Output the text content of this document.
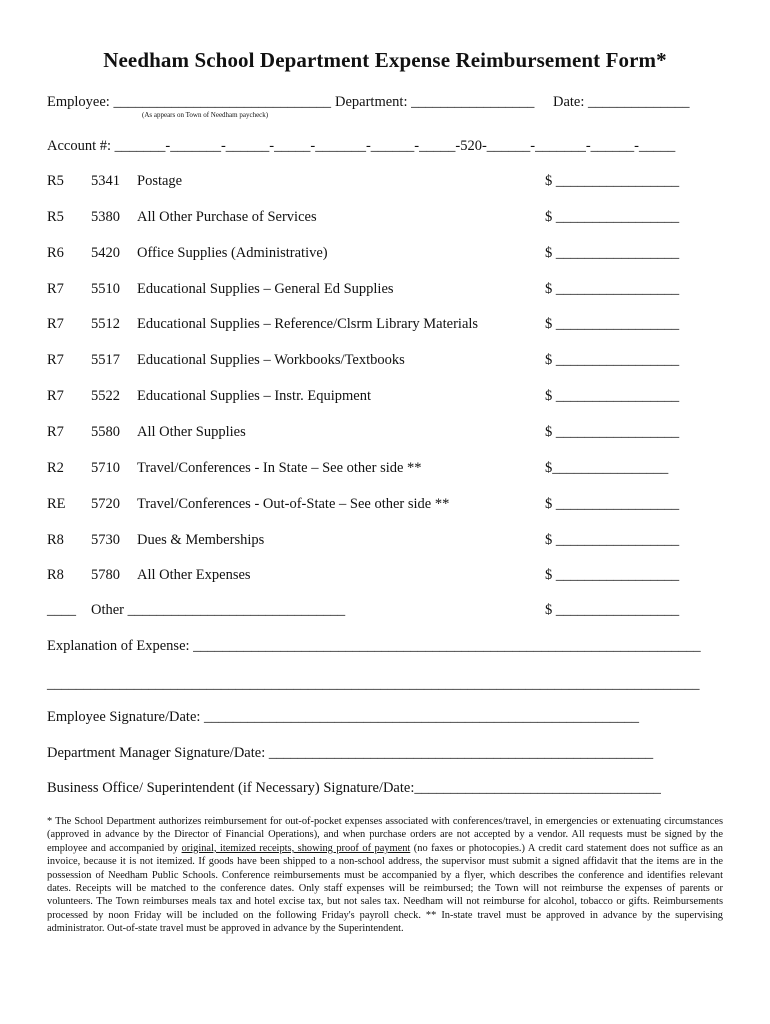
Needham School Department Expense Reimbursement Form*
Employee: ______________________________ Department: _________________ Date: ______________
(As appears on Town of Needham paycheck)
Account #: _______-_______-______-_____-_______-______-_____-520-______-_______-______-_____
R5 5341 Postage	$ _________________
R5 5380 All Other Purchase of Services	$ _________________
R6 5420 Office Supplies (Administrative)	$ _________________
R7 5510 Educational Supplies – General Ed Supplies	$ _________________
R7 5512 Educational Supplies – Reference/Clsrm Library Materials	$ _________________
R7 5517 Educational Supplies – Workbooks/Textbooks	$ _________________
R7 5522 Educational Supplies – Instr. Equipment	$ _________________
R7 5580 All Other Supplies	$ _________________
R2 5710 Travel/Conferences - In State – See other side **	$________________
RE 5720 Travel/Conferences - Out-of-State – See other side **	$ _________________
R8 5730 Dues & Memberships	$ _________________
R8 5780 All Other Expenses	$ _________________
____ Other ______________________________	$ _________________
Explanation of Expense: ______________________________________________________________________
__________________________________________________________________________________________
Employee Signature/Date: ____________________________________________________________
Department Manager Signature/Date: _____________________________________________________
Business Office/ Superintendent (if Necessary) Signature/Date:__________________________________
* The School Department authorizes reimbursement for out-of-pocket expenses associated with conferences/travel, in emergencies or extenuating circumstances (approved in advance by the Director of Financial Operations), and when purchase orders are not accepted by a vendor. All requests must be signed by the employee and accompanied by original, itemized receipts, showing proof of payment (no faxes or photocopies.) A credit card statement does not suffice as an invoice, because it is not itemized. If goods have been shipped to a non-school address, the supervisor must submit a signed affidavit that the items are in the possession of Needham Public Schools. Conference reimbursements must be accompanied by a flyer, which describes the conference and identifies relevant dates. Receipts will be matched to the conference dates. Only staff expenses will be reimbursed; the Town will not reimburse the expenses of parents or volunteers. The Town reimburses meals tax and hotel excise tax, but not sales tax. Needham will not reimburse for alcohol, tobacco or gifts. Reimbursements processed by noon Friday will be included on the following Friday's payroll check. ** In-state travel must be approved in advance by the supervising administrator. Out-of-state travel must be approved in advance by the Superintendent.
